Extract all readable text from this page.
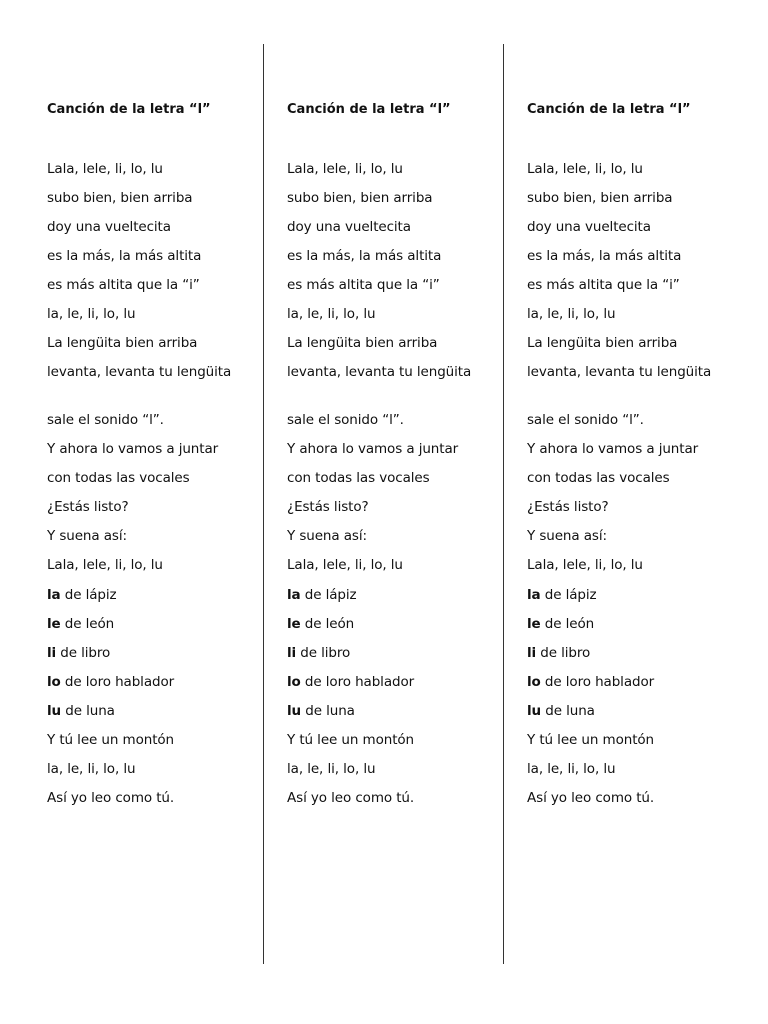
Canción de la letra “l”
Lala, lele, li, lo, lu
subo bien, bien arriba
doy una vueltecita
es la más, la más altita
es más altita que la “i”
la, le, li, lo, lu
La lengüita bien arriba
levanta, levanta tu lengüita
sale el sonido “l”.
Y ahora lo vamos a juntar
con todas las vocales
¿Estás listo?
Y suena así:
Lala, lele, li, lo, lu
la de lápiz
le de león
li de libro
lo de loro hablador
lu de luna
Y tú lee un montón
la, le, li, lo, lu
Así yo leo como tú.
Canción de la letra “l”
Lala, lele, li, lo, lu
subo bien, bien arriba
doy una vueltecita
es la más, la más altita
es más altita que la “i”
la, le, li, lo, lu
La lengüita bien arriba
levanta, levanta tu lengüita
sale el sonido “l”.
Y ahora lo vamos a juntar
con todas las vocales
¿Estás listo?
Y suena así:
Lala, lele, li, lo, lu
la de lápiz
le de león
li de libro
lo de loro hablador
lu de luna
Y tú lee un montón
la, le, li, lo, lu
Así yo leo como tú.
Canción de la letra “l”
Lala, lele, li, lo, lu
subo bien, bien arriba
doy una vueltecita
es la más, la más altita
es más altita que la “i”
la, le, li, lo, lu
La lengüita bien arriba
levanta, levanta tu lengüita
sale el sonido “l”.
Y ahora lo vamos a juntar
con todas las vocales
¿Estás listo?
Y suena así:
Lala, lele, li, lo, lu
la de lápiz
le de león
li de libro
lo de loro hablador
lu de luna
Y tú lee un montón
la, le, li, lo, lu
Así yo leo como tú.
